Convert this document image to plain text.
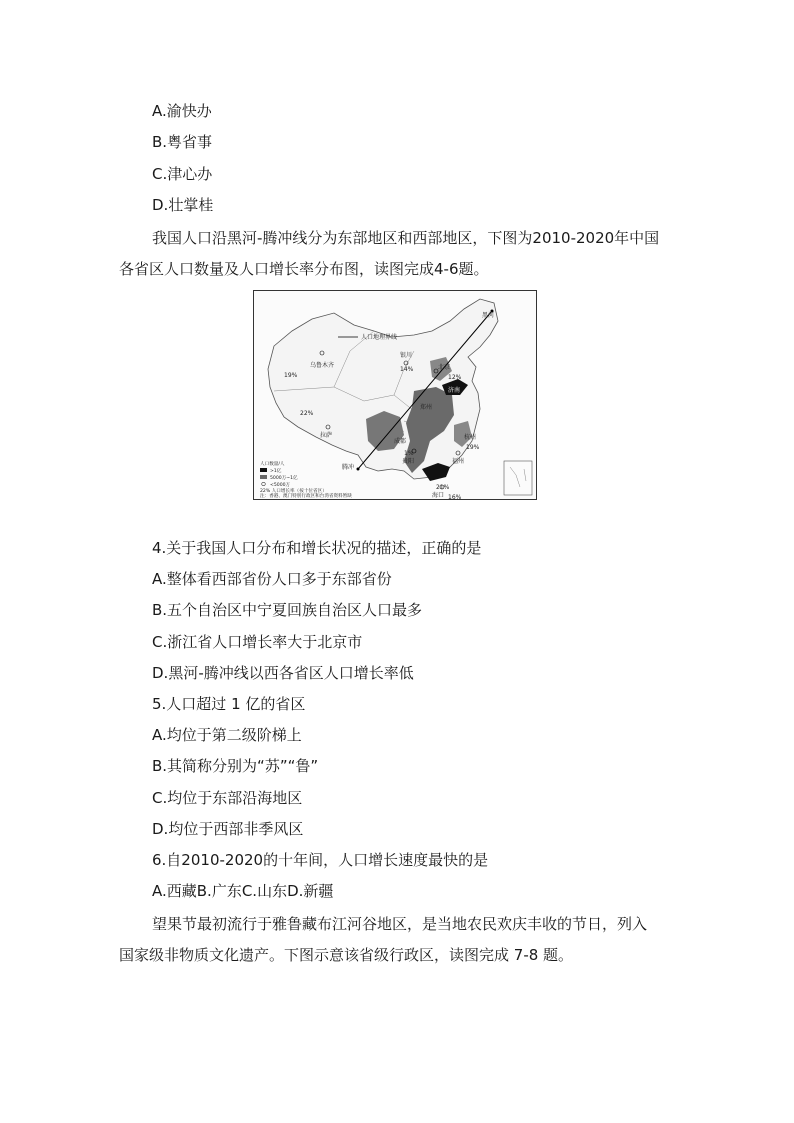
A.渝快办
B.粤省事
C.津心办
D.壮掌桂
我国人口沿黑河-腾冲线分为东部地区和西部地区，下图为2010-2020年中国
各省区人口数量及人口增长率分布图，读图完成4-6题。
人口地理界线
黑河
腾冲
乌鲁木齐
银川
北京
济南
拉萨
成都
贵阳	福州
海口
郑州
杭州
19%
22%
14%
12%
19%
21%
16%
1%
人口数量/人
>1亿
5000万~1亿
<5000万
22% 人口增长率（按十位省区）
注：香港、澳门特别行政区和台湾省资料暂缺
4.关于我国人口分布和增长状况的描述，正确的是
A.整体看西部省份人口多于东部省份
B.五个自治区中宁夏回族自治区人口最多
C.浙江省人口增长率大于北京市
D.黑河-腾冲线以西各省区人口增长率低
5.人口超过 1 亿的省区
A.均位于第二级阶梯上
B.其简称分别为“苏”“鲁”
C.均位于东部沿海地区
D.均位于西部非季风区
6.自2010-2020的十年间，人口增长速度最快的是
A.西藏B.广东C.山东D.新疆
望果节最初流行于雅鲁藏布江河谷地区，是当地农民欢庆丰收的节日，列入
国家级非物质文化遗产。下图示意该省级行政区，读图完成 7-8 题。
